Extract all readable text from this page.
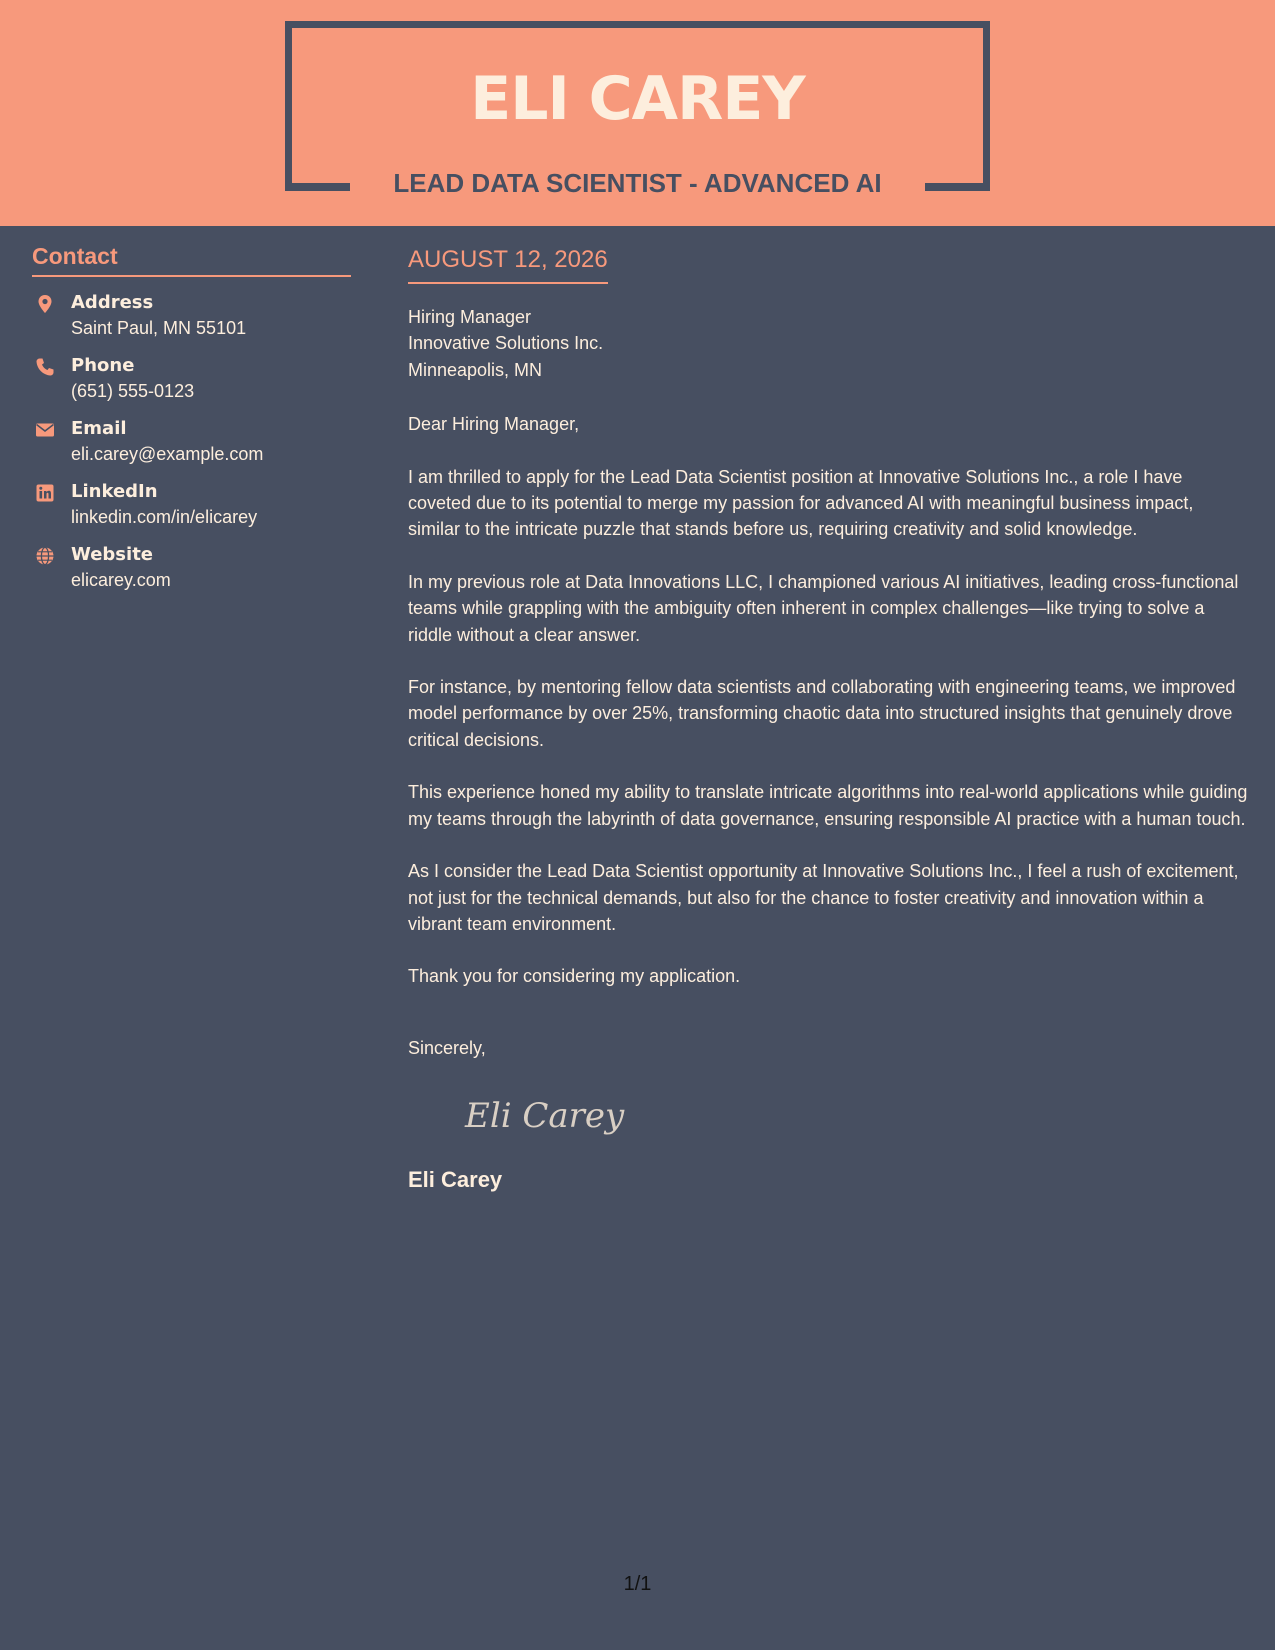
ELI CAREY
LEAD DATA SCIENTIST - ADVANCED AI
Contact
Address
Saint Paul, MN 55101
Phone
(651) 555-0123
Email
eli.carey@example.com
LinkedIn
linkedin.com/in/elicarey
Website
elicarey.com
AUGUST 12, 2026
Hiring Manager
Innovative Solutions Inc.
Minneapolis, MN
Dear Hiring Manager,
I am thrilled to apply for the Lead Data Scientist position at Innovative Solutions Inc., a role I have coveted due to its potential to merge my passion for advanced AI with meaningful business impact, similar to the intricate puzzle that stands before us, requiring creativity and solid knowledge.
In my previous role at Data Innovations LLC, I championed various AI initiatives, leading cross-functional teams while grappling with the ambiguity often inherent in complex challenges—like trying to solve a riddle without a clear answer.
For instance, by mentoring fellow data scientists and collaborating with engineering teams, we improved model performance by over 25%, transforming chaotic data into structured insights that genuinely drove critical decisions.
This experience honed my ability to translate intricate algorithms into real-world applications while guiding my teams through the labyrinth of data governance, ensuring responsible AI practice with a human touch.
As I consider the Lead Data Scientist opportunity at Innovative Solutions Inc., I feel a rush of excitement, not just for the technical demands, but also for the chance to foster creativity and innovation within a vibrant team environment.
Thank you for considering my application.
Sincerely,
Eli Carey
Eli Carey
1/1
